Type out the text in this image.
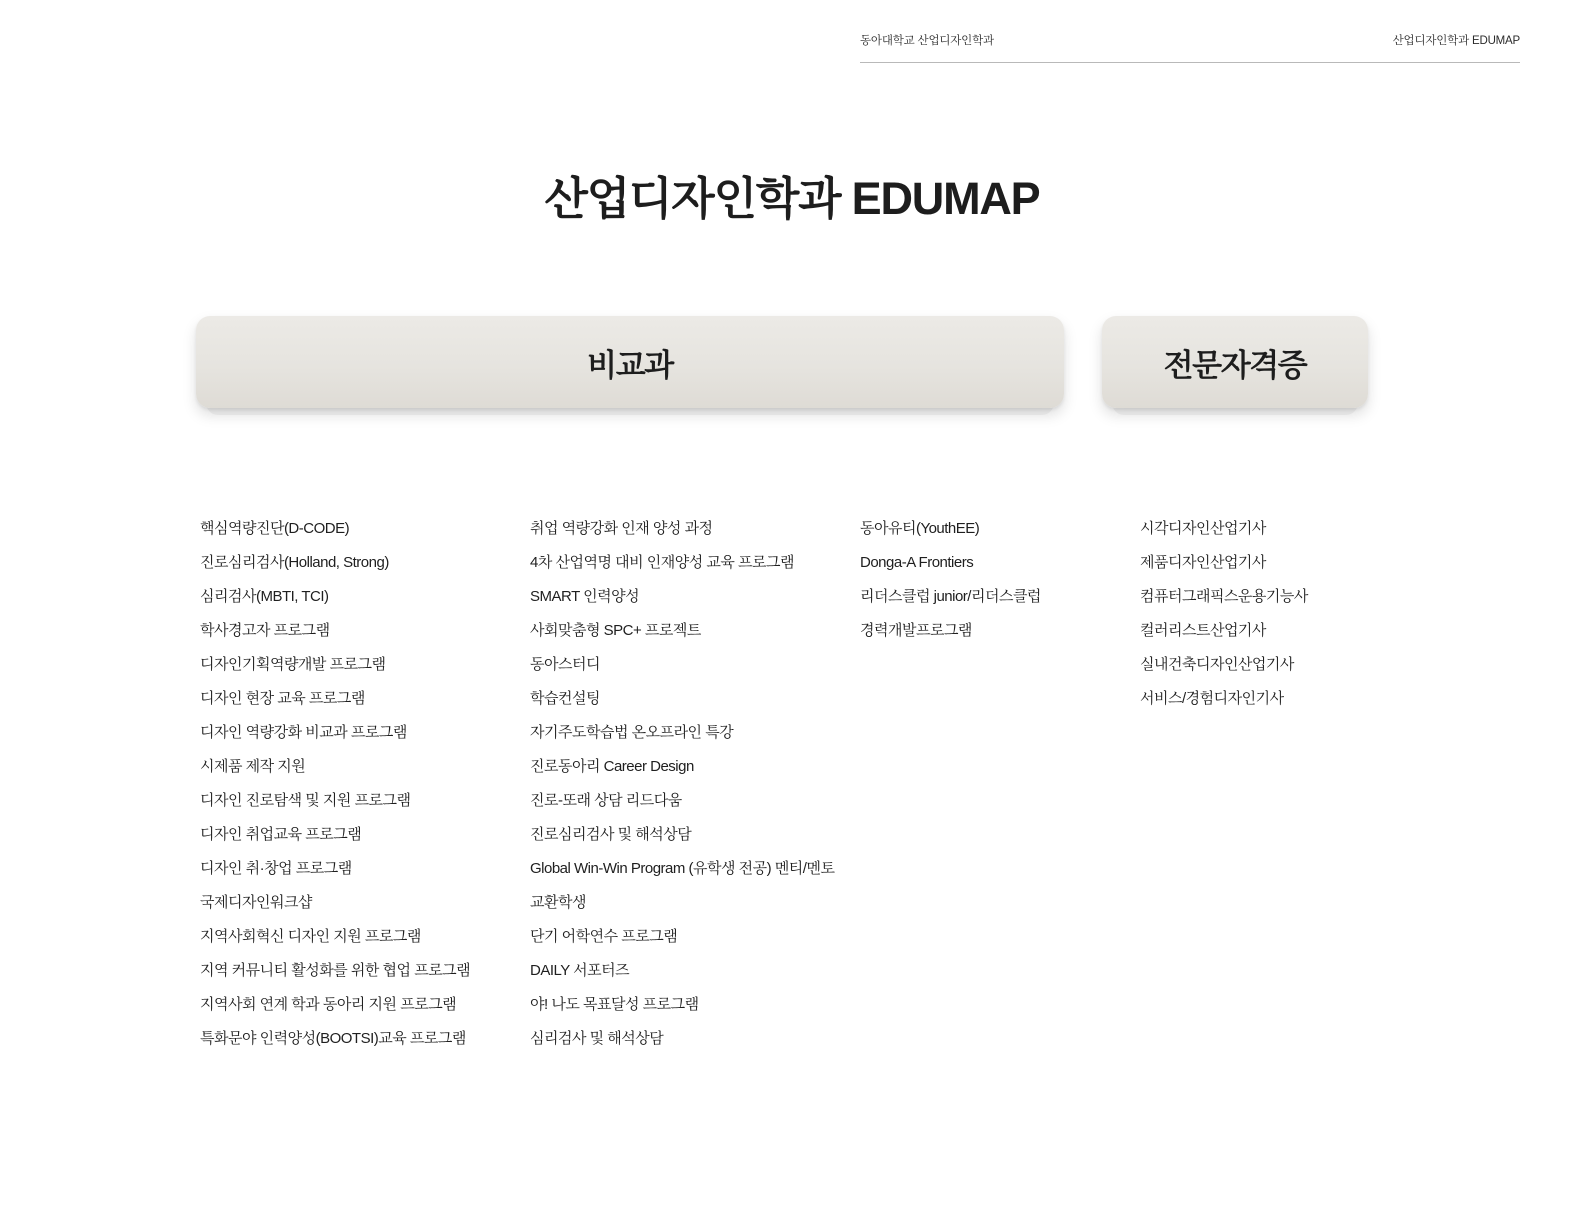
동아대학교 산업디자인학과	산업디자인학과 EDUMAP
산업디자인학과 EDUMAP
비교과	전문자격증
핵심역량진단(D-CODE)
진로심리검사(Holland, Strong)
심리검사(MBTI, TCI)
학사경고자 프로그램
디자인기획역량개발 프로그램
디자인 현장 교육 프로그램
디자인 역량강화 비교과 프로그램
시제품 제작 지원
디자인 진로탐색 및 지원 프로그램
디자인 취업교육 프로그램
디자인 취·창업 프로그램
국제디자인워크샵
지역사회혁신 디자인 지원 프로그램
지역 커뮤니티 활성화를 위한 협업 프로그램
지역사회 연계 학과 동아리 지원 프로그램
특화문야 인력양성(BOOTSI)교육 프로그램
취업 역량강화 인재 양성 과정
4차 산업역명 대비 인재양성 교육 프로그램
SMART 인력양성
사회맞춤형 SPC+ 프로젝트
동아스터디
학습컨설팅
자기주도학습법 온오프라인 특강
진로동아리 Career Design
진로-또래 상담 리드다움
진로심리검사 및 해석상담
Global Win-Win Program (유학생 전공) 멘티/멘토
교환학생
단기 어학연수 프로그램
DAILY 서포터즈
야! 나도 목표달성 프로그램
심리검사 및 해석상담
동아유티(YouthEE)
Donga-A Frontiers
리더스클럽 junior/리더스클럽
경력개발프로그램
시각디자인산업기사
제품디자인산업기사
컴퓨터그래픽스운용기능사
컬러리스트산업기사
실내건축디자인산업기사
서비스/경험디자인기사
